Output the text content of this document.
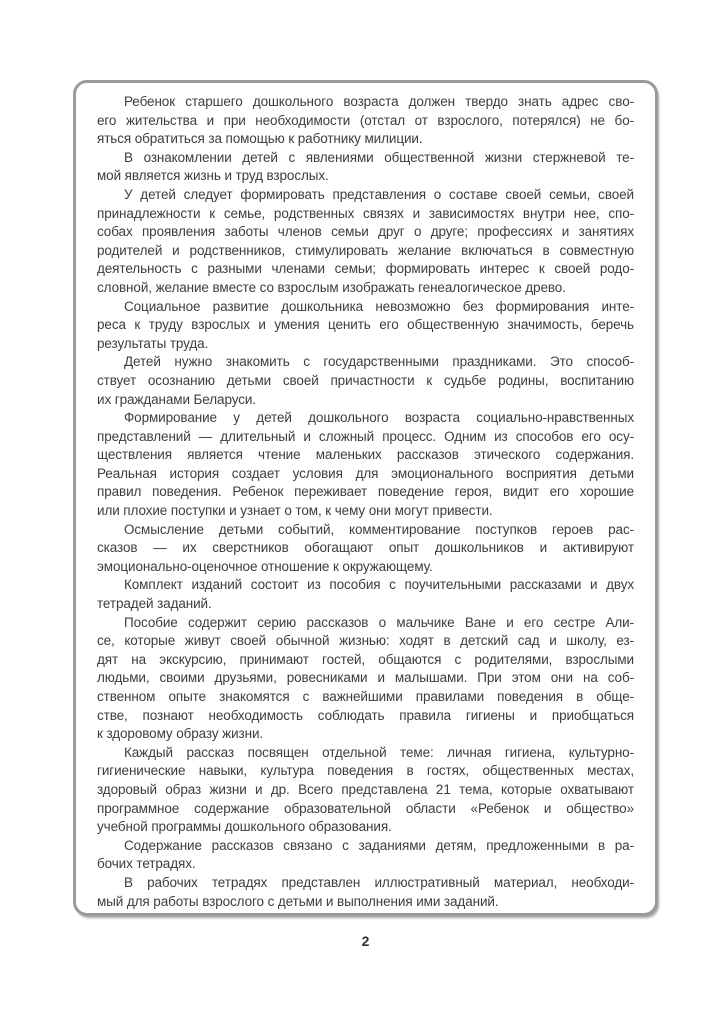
Ребенок старшего дошкольного возраста должен твердо знать адрес сво-
его жительства и при необходимости (отстал от взрослого, потерялся) не бо-
яться обратиться за помощью к работнику милиции.
В ознакомлении детей с явлениями общественной жизни стержневой те-
мой является жизнь и труд взрослых.
У детей следует формировать представления о составе своей семьи, своей
принадлежности к семье, родственных связях и зависимостях внутри нее, спо-
собах проявления заботы членов семьи друг о друге; профессиях и занятиях
родителей и родственников, стимулировать желание включаться в совместную
деятельность с разными членами семьи; формировать интерес к своей родо-
словной, желание вместе со взрослым изображать генеалогическое древо.
Социальное развитие дошкольника невозможно без формирования инте-
реса к труду взрослых и умения ценить его общественную значимость, беречь
результаты труда.
Детей нужно знакомить с государственными праздниками. Это способ-
ствует осознанию детьми своей причастности к судьбе родины, воспитанию
их гражданами Беларуси.
Формирование у детей дошкольного возраста социально-нравственных
представлений — длительный и сложный процесс. Одним из способов его осу-
ществления является чтение маленьких рассказов этического содержания.
Реальная история создает условия для эмоционального восприятия детьми
правил поведения. Ребенок переживает поведение героя, видит его хорошие
или плохие поступки и узнает о том, к чему они могут привести.
Осмысление детьми событий, комментирование поступков героев рас-
сказов — их сверстников обогащают опыт дошкольников и активируют
эмоционально-оценочное отношение к окружающему.
Комплект изданий состоит из пособия с поучительными рассказами и двух
тетрадей заданий.
Пособие содержит серию рассказов о мальчике Ване и его сестре Али-
се, которые живут своей обычной жизнью: ходят в детский сад и школу, ез-
дят на экскурсию, принимают гостей, общаются с родителями, взрослыми
людьми, своими друзьями, ровесниками и малышами. При этом они на соб-
ственном опыте знакомятся с важнейшими правилами поведения в обще-
стве, познают необходимость соблюдать правила гигиены и приобщаться
к здоровому образу жизни.
Каждый рассказ посвящен отдельной теме: личная гигиена, культурно-
гигиенические навыки, культура поведения в гостях, общественных местах,
здоровый образ жизни и др. Всего представлена 21 тема, которые охватывают
программное содержание образовательной области «Ребенок и общество»
учебной программы дошкольного образования.
Содержание рассказов связано с заданиями детям, предложенными в ра-
бочих тетрадях.
В рабочих тетрадях представлен иллюстративный материал, необходи-
мый для работы взрослого с детьми и выполнения ими заданий.
2
